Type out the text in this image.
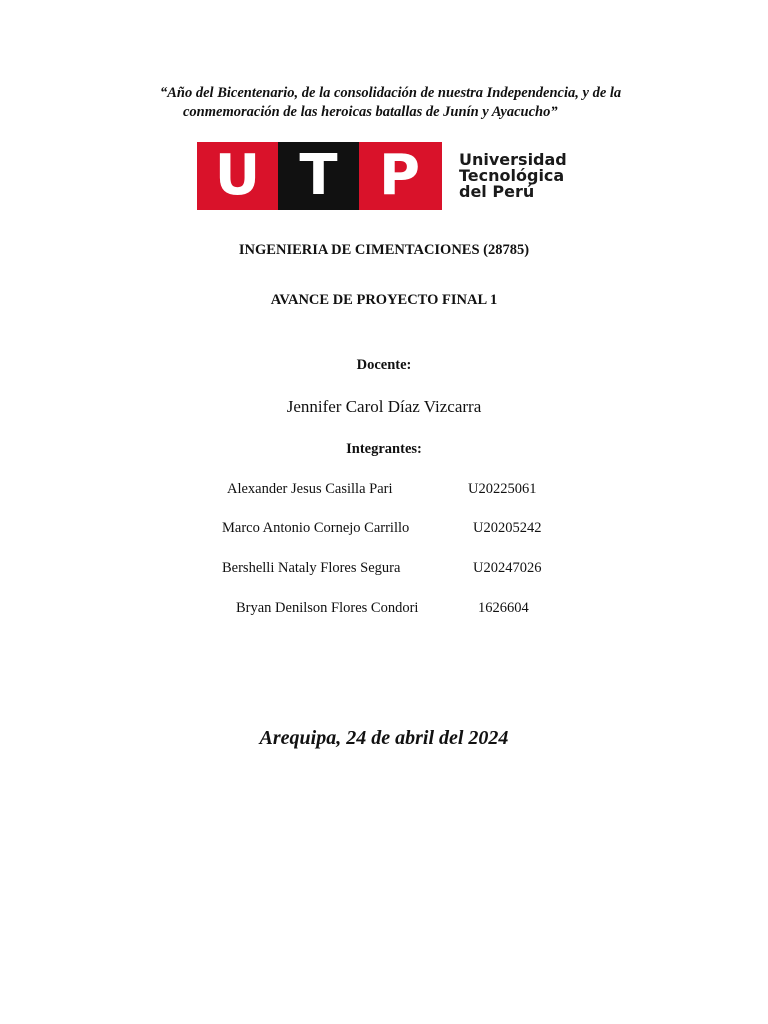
“Año del Bicentenario, de la consolidación de nuestra Independencia, y de la
conmemoración de las heroicas batallas de Junín y Ayacucho”
U T P	Universidad
Tecnológica
del Perú
INGENIERIA DE CIMENTACIONES (28785)
AVANCE DE PROYECTO FINAL 1
Docente:
Jennifer Carol Díaz Vizcarra
Integrantes:
Alexander Jesus Casilla Pari	U20225061
Marco Antonio Cornejo Carrillo	U20205242
Bershelli Nataly Flores Segura	U20247026
Bryan Denilson Flores Condori	1626604
Arequipa, 24 de abril del 2024
